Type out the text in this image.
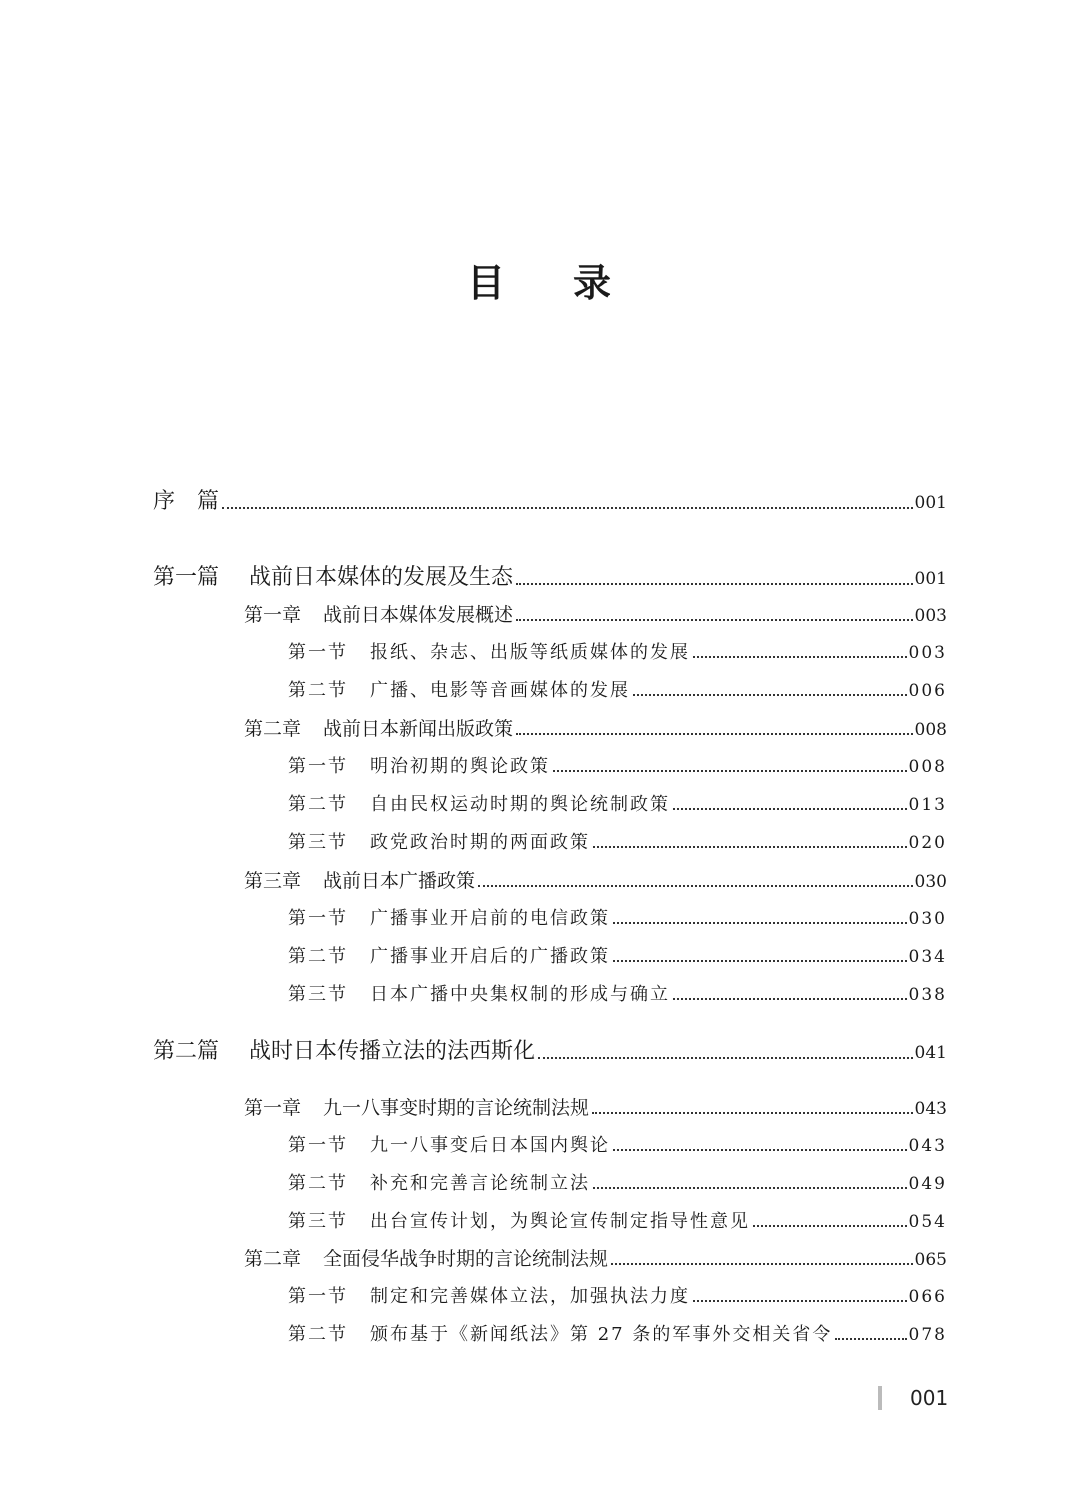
目 录
序 篇	001
第一篇 战前日本媒体的发展及生态	001
第一章 战前日本媒体发展概述	003
第一节 报纸、杂志、出版等纸质媒体的发展	003
第二节 广播、电影等音画媒体的发展	006
第二章 战前日本新闻出版政策	008
第一节 明治初期的舆论政策	008
第二节 自由民权运动时期的舆论统制政策	013
第三节 政党政治时期的两面政策	020
第三章 战前日本广播政策	030
第一节 广播事业开启前的电信政策	030
第二节 广播事业开启后的广播政策	034
第三节 日本广播中央集权制的形成与确立	038
第二篇 战时日本传播立法的法西斯化	041
第一章 九一八事变时期的言论统制法规	043
第一节 九一八事变后日本国内舆论	043
第二节 补充和完善言论统制立法	049
第三节 出台宣传计划，为舆论宣传制定指导性意见	054
第二章 全面侵华战争时期的言论统制法规	065
第一节 制定和完善媒体立法，加强执法力度	066
第二节 颁布基于《新闻纸法》第 27 条的军事外交相关省令	078
001
